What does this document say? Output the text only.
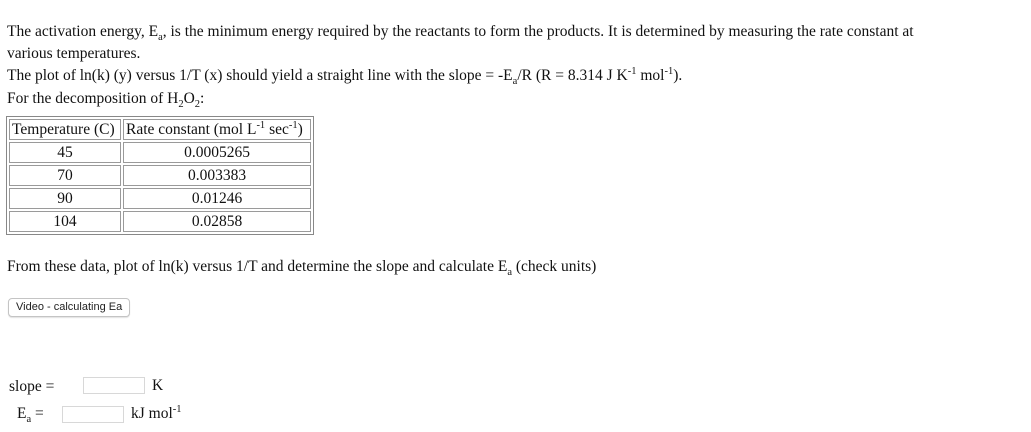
The activation energy, $E_a$, is the minimum energy required by the reactants to form the products. It is determined by measuring the rate constant at
various temperatures.
The plot of ln(k) (y) versus 1/T (x) should yield a straight line with the slope = $-E_a/R$ (R = 8.314 J $K^{-1}$ mol$^{-1}$).
For the decomposition of $H_2O_2$:
Temperature (C)	Rate constant (mol $L^{-1}$ $\sec^{-1}$)
45	0.0005265
70	0.003383
90	0.01246
104	0.02858
From these data, plot of ln(k) versus 1/T and determine the slope and calculate $E_a$ (check units)
Video - calculating Ea
slope =	K
$E_a$ =	kJ mol$^{-1}$
